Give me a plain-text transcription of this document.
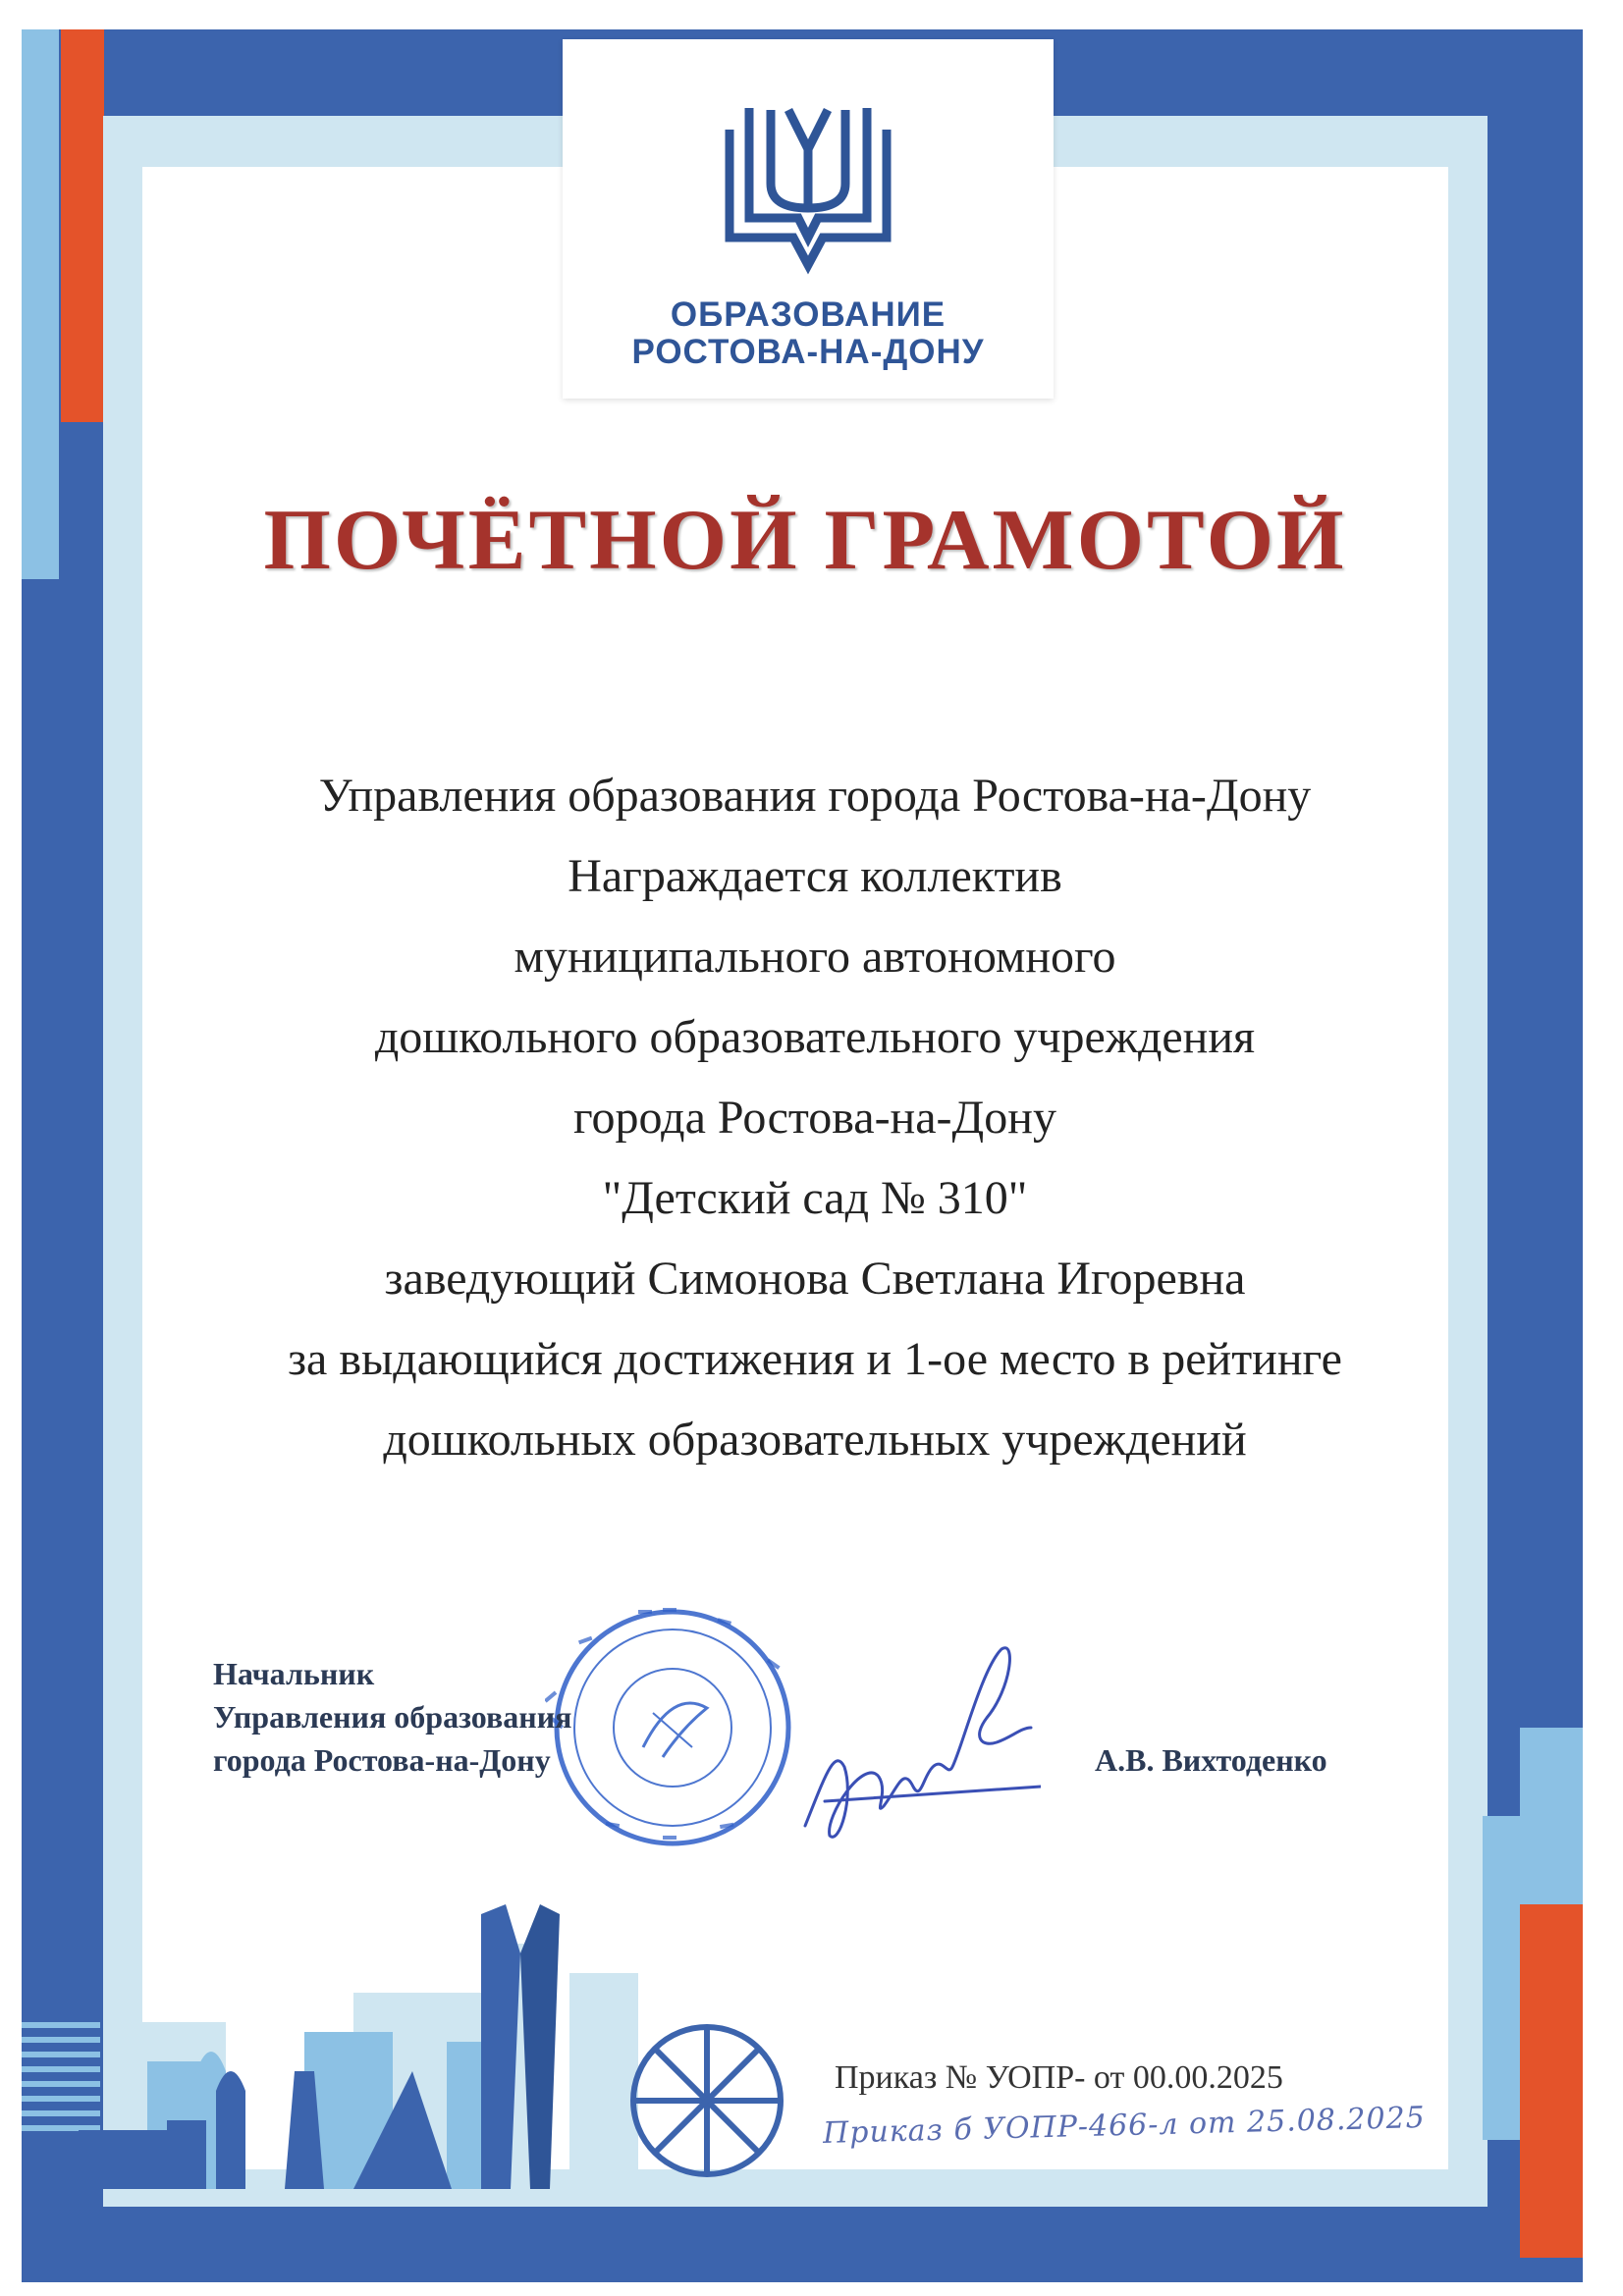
ОБРАЗОВАНИЕ
РОСТОВА-НА-ДОНУ
ПОЧЁТНОЙ ГРАМОТОЙ
Управления образования города Ростова-на-Дону
Награждается коллектив
муниципального автономного
дошкольного образовательного учреждения
города Ростова-на-Дону
"Детский сад № 310"
заведующий Симонова Светлана Игоревна
за выдающийся достижения и 1-ое место в рейтинге
дошкольных образовательных учреждений
Начальник
Управления образования
города Ростова-на-Дону	А.В. Вихтоденко
Приказ № УОПР- от 00.00.2025
Приказ б УОПР-466-л от 25.08.2025
